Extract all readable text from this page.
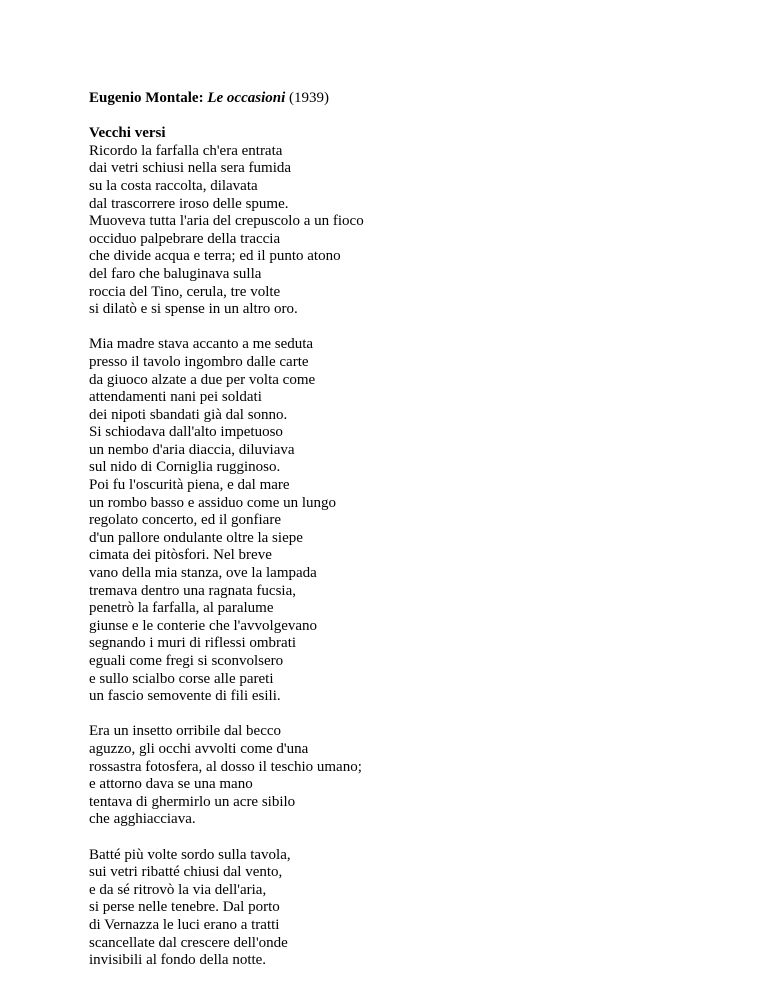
Eugenio Montale: Le occasioni (1939)

Vecchi versi

Ricordo la farfalla ch'era entrata
dai vetri schiusi nella sera fumida
su la costa raccolta, dilavata
dal trascorrere iroso delle spume.
Muoveva tutta l'aria del crepuscolo a un fioco
occiduo palpebrare della traccia
che divide acqua e terra; ed il punto atono
del faro che baluginava sulla
roccia del Tino, cerula, tre volte
si dilatò e si spense in un altro oro.
Mia madre stava accanto a me seduta
presso il tavolo ingombro dalle carte
da giuoco alzate a due per volta come
attendamenti nani pei soldati
dei nipoti sbandati già dal sonno.
Si schiodava dall'alto impetuoso
un nembo d'aria diaccia, diluviava
sul nido di Corniglia rugginoso.
Poi fu l'oscurità piena, e dal mare
un rombo basso e assiduo come un lungo
regolato concerto, ed il gonfiare
d'un pallore ondulante oltre la siepe
cimata dei pitòsfori. Nel breve
vano della mia stanza, ove la lampada
tremava dentro una ragnata fucsia,
penetrò la farfalla, al paralume
giunse e le conterie che l'avvolgevano
segnando i muri di riflessi ombrati
eguali come fregi si sconvolsero
e sullo scialbo corse alle pareti
un fascio semovente di fili esili.
Era un insetto orribile dal becco
aguzzo, gli occhi avvolti come d'una
rossastra fotosfera, al dosso il teschio umano;
e attorno dava se una mano
tentava di ghermirlo un acre sibilo
che agghiacciava.
Batté più volte sordo sulla tavola,
sui vetri ribatté chiusi dal vento,
e da sé ritrovò la via dell'aria,
si perse nelle tenebre. Dal porto
di Vernazza le luci erano a tratti
scancellate dal crescere dell'onde
invisibili al fondo della notte.
